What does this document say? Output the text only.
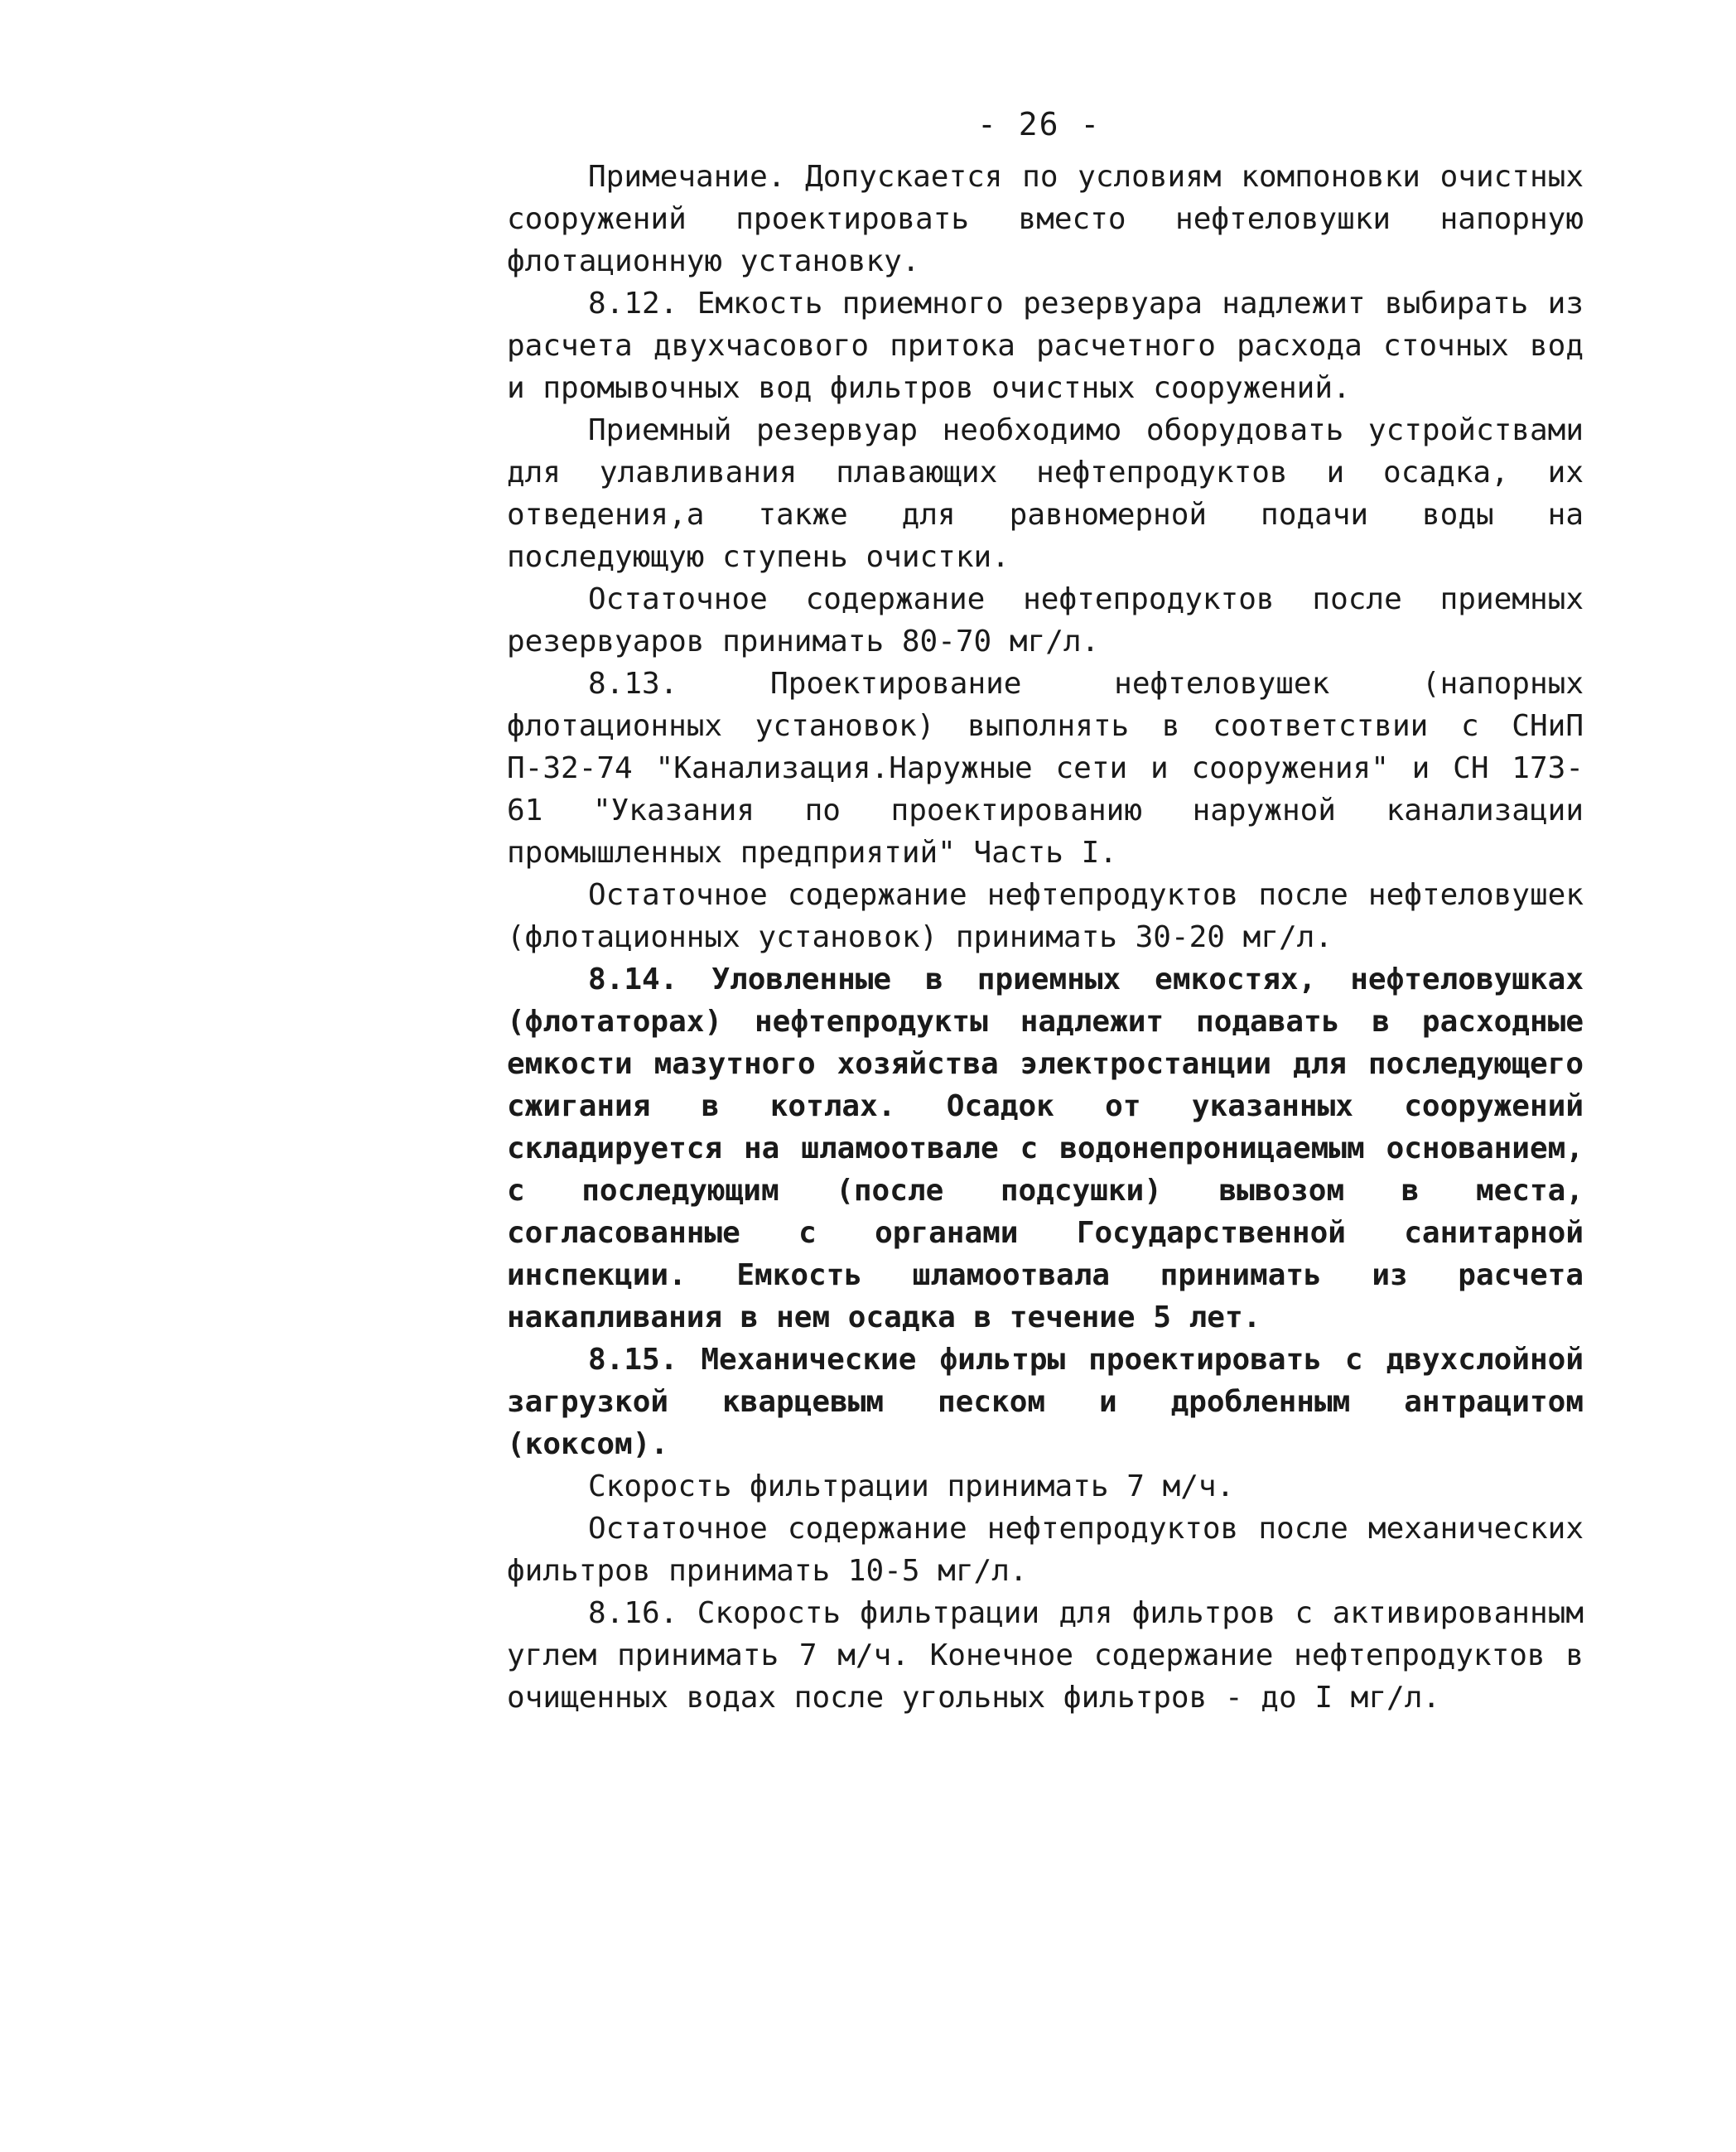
- 26 -

Примечание. Допускается по условиям компоновки очистных сооружений проектировать вместо нефтеловушки напорную флотационную установку.

8.12. Емкость приемного резервуара надлежит выбирать из расчета двухчасового притока расчетного расхода сточных вод и промывочных вод фильтров очистных сооружений.

Приемный резервуар необходимо оборудовать устройствами для улавливания плавающих нефтепродуктов и осадка, их отведения,а также для равномерной подачи воды на последующую ступень очистки.

Остаточное содержание нефтепродуктов после приемных резервуаров принимать 80-70 мг/л.

8.13. Проектирование нефтеловушек (напорных флотационных установок) выполнять в соответствии с СНиП П-32-74 "Канализация.Наружные сети и сооружения" и СН 173-61 "Указания по проектированию наружной канализации промышленных предприятий" Часть I.

Остаточное содержание нефтепродуктов после нефтеловушек (флотационных установок) принимать 30-20 мг/л.

8.14. Уловленные в приемных емкостях, нефтеловушках (флотаторах) нефтепродукты надлежит подавать в расходные емкости мазутного хозяйства электростанции для последующего сжигания в котлах. Осадок от указанных сооружений складируется на шламоотвале с водонепроницаемым основанием, с последующим (после подсушки) вывозом в места, согласованные с органами Государственной санитарной инспекции. Емкость шламоотвала принимать из расчета накапливания в нем осадка в течение 5 лет.

8.15. Механические фильтры проектировать с двухслойной загрузкой кварцевым песком и дробленным антрацитом (коксом).

Скорость фильтрации принимать 7 м/ч.

Остаточное содержание нефтепродуктов после механических фильтров принимать 10-5 мг/л.

8.16. Скорость фильтрации для фильтров с активированным углем принимать 7 м/ч. Конечное содержание нефтепродуктов в очищенных водах после угольных фильтров - до I мг/л.
